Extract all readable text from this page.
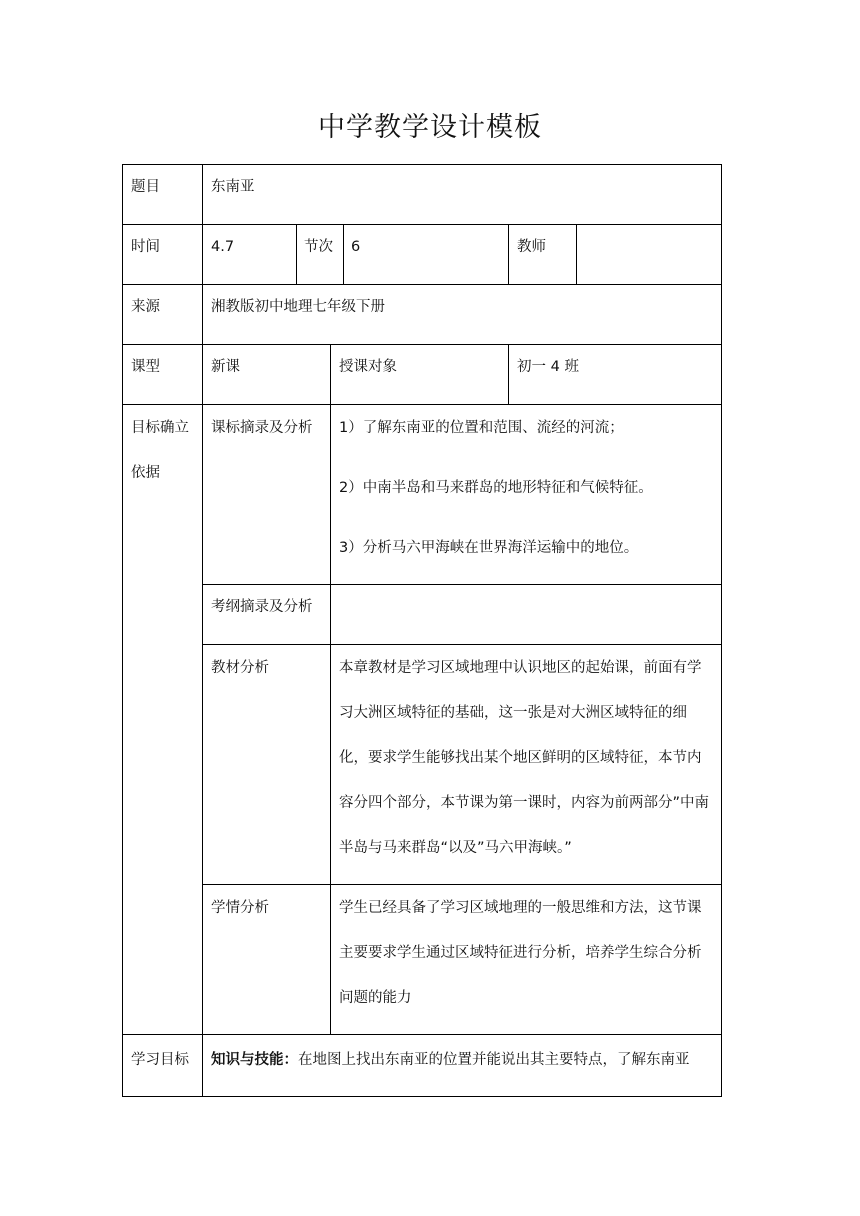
中学教学设计模板
题目	东南亚
时间	4.7	节次 6	教师
来源	湘教版初中地理七年级下册
课型	新课	授课对象	初一 4 班
目标确立
依据
课标摘录及分析 1）了解东南亚的位置和范围、流经的河流；
2）中南半岛和马来群岛的地形特征和气候特征。
3）分析马六甲海峡在世界海洋运输中的地位。
考纲摘录及分析
教材分析	本章教材是学习区域地理中认识地区的起始课，前面有学习大洲区域特征的基础，这一张是对大洲区域特征的细化，要求学生能够找出某个地区鲜明的区域特征，本节内容分四个部分，本节课为第一课时，内容为前两部分”中南半岛与马来群岛“以及”马六甲海峡。”
学情分析	学生已经具备了学习区域地理的一般思维和方法，这节课主要要求学生通过区域特征进行分析，培养学生综合分析问题的能力
学习目标 知识与技能：在地图上找出东南亚的位置并能说出其主要特点，了解东南亚
